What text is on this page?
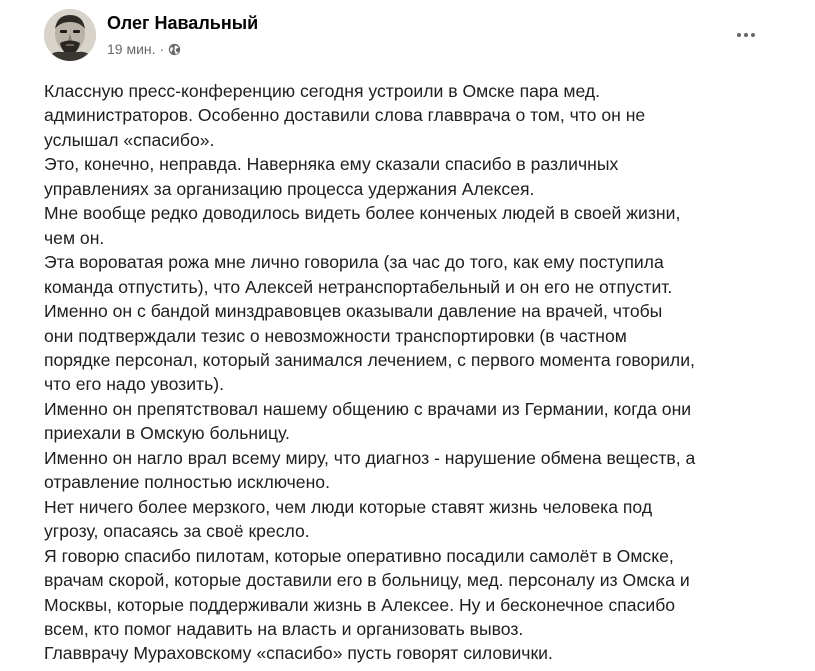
Олег Навальный
19 мин. ·

Классную пресс-конференцию сегодня устроили в Омске пара мед.
администраторов. Особенно доставили слова главврача о том, что он не
услышал «спасибо».

Это, конечно, неправда. Наверняка ему сказали спасибо в различных
управлениях за организацию процесса удержания Алексея.

Мне вообще редко доводилось видеть более конченых людей в своей жизни,
чем он.

Эта вороватая рожа мне лично говорила (за час до того, как ему поступила
команда отпустить), что Алексей нетранспортабельный и он его не отпустит.

Именно он с бандой минздравовцев оказывали давление на врачей, чтобы
они подтверждали тезис о невозможности транспортировки (в частном
порядке персонал, который занимался лечением, с первого момента говорили,
что его надо увозить).

Именно он препятствовал нашему общению с врачами из Германии, когда они
приехали в Омскую больницу.

Именно он нагло врал всему миру, что диагноз - нарушение обмена веществ, а
отравление полностью исключено.

Нет ничего более мерзкого, чем люди которые ставят жизнь человека под
угрозу, опасаясь за своё кресло.

Я говорю спасибо пилотам, которые оперативно посадили самолёт в Омске,
врачам скорой, которые доставили его в больницу, мед. персоналу из Омска и
Москвы, которые поддерживали жизнь в Алексее. Ну и бесконечное спасибо
всем, кто помог надавить на власть и организовать вывоз.

Главврачу Мураховскому «спасибо» пусть говорят силовички.
